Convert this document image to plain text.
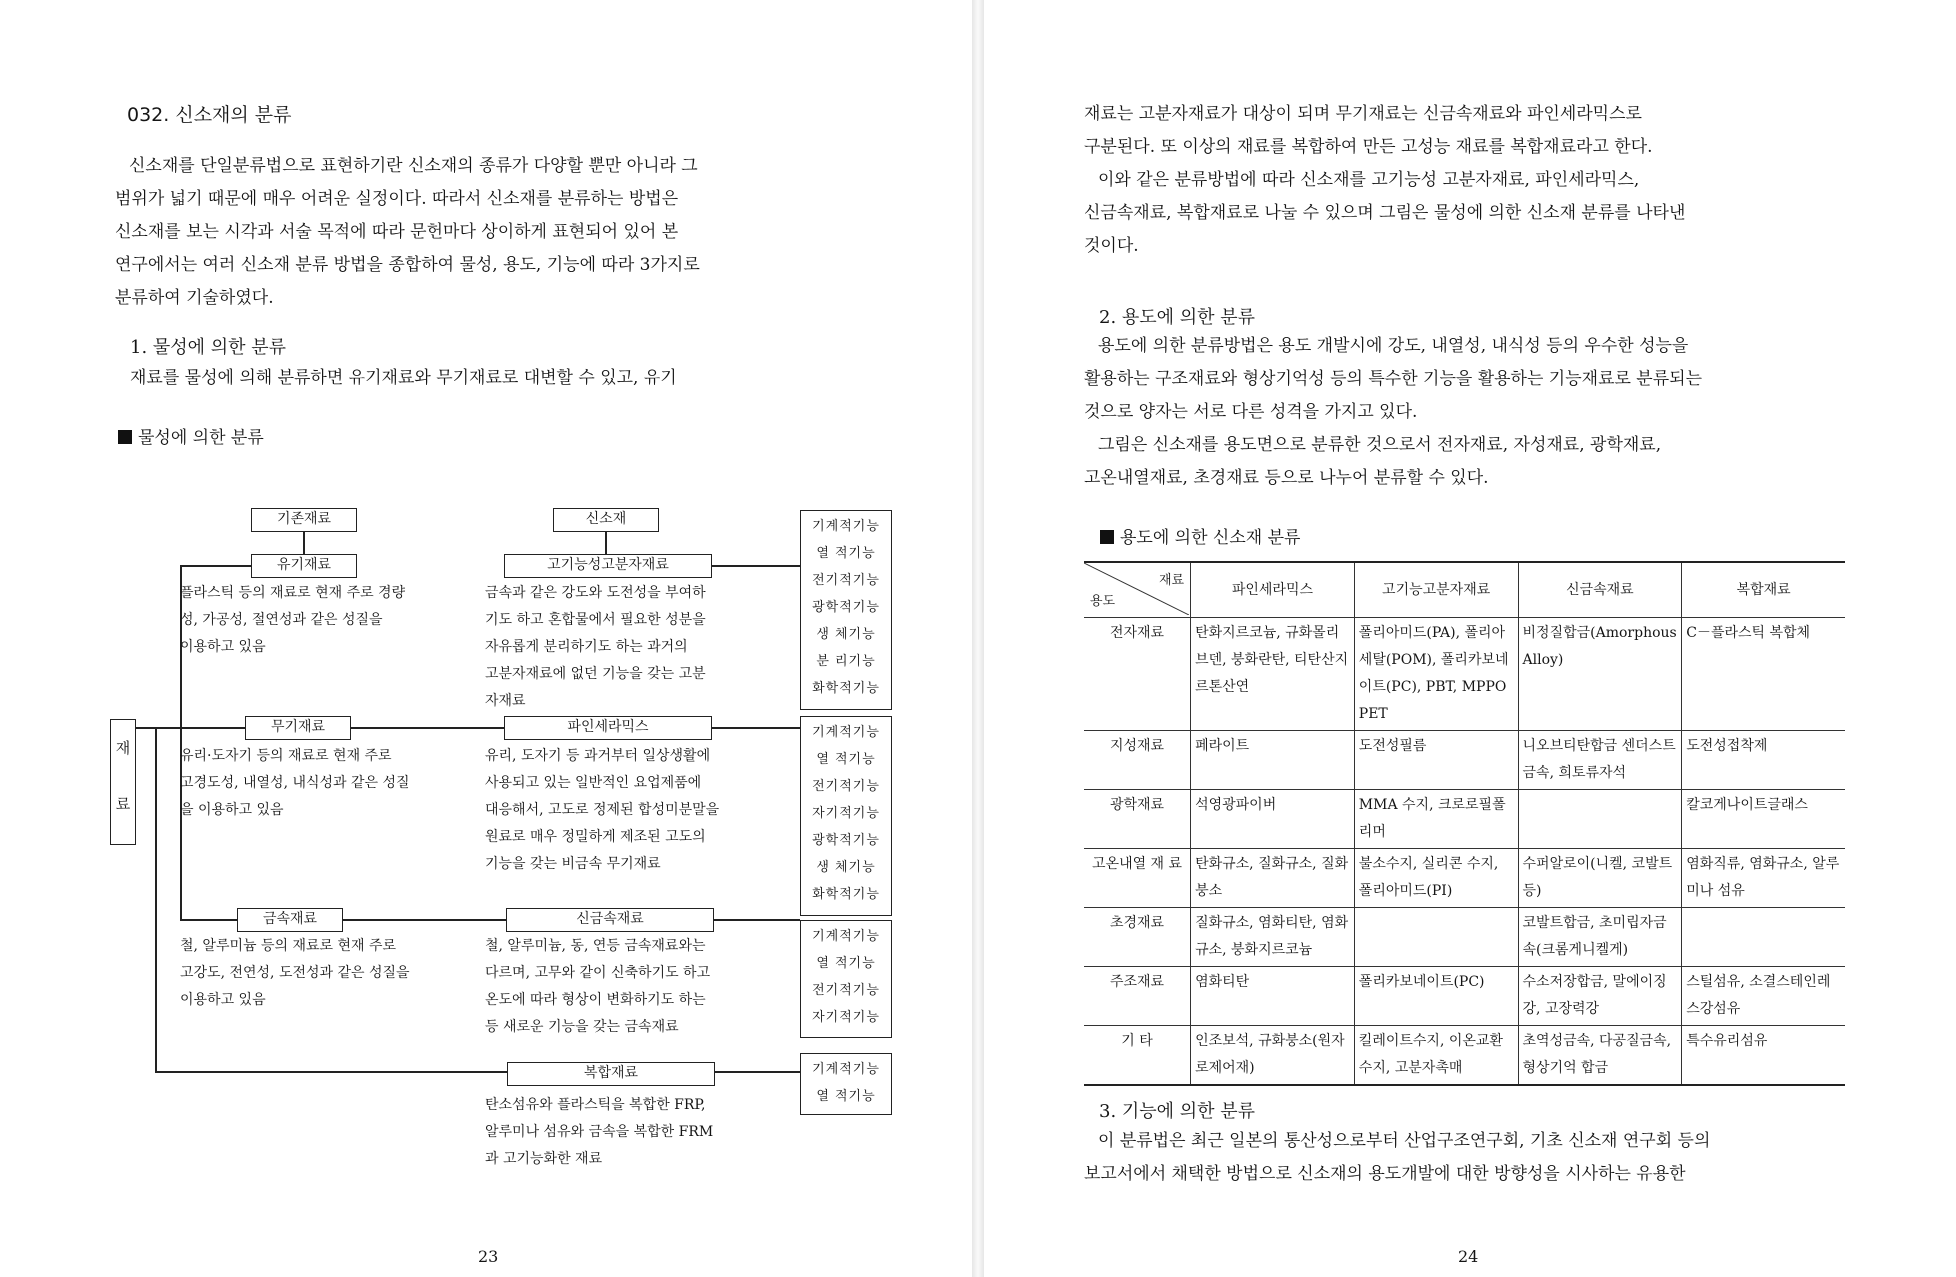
032. 신소재의 분류

신소재를 단일분류법으로 표현하기란 신소재의 종류가 다양할 뿐만 아니라 그

범위가 넓기 때문에 매우 어려운 실정이다. 따라서 신소재를 분류하는 방법은

신소재를 보는 시각과 서술 목적에 따라 문헌마다 상이하게 표현되어 있어 본

연구에서는 여러 신소재 분류 방법을 종합하여 물성, 용도, 기능에 따라 3가지로

분류하여 기술하였다.

1. 물성에 의한 분류

재료를 물성에 의해 분류하면 유기재료와 무기재료로 대변할 수 있고, 유기

물성에 의한 분류
기존재료	신소재
재
료
유기재료	고기능성고분자재료
플라스틱 등의 재료로 현재 주로 경량
성, 가공성, 절연성과 같은 성질을
이용하고 있음
금속과 같은 강도와 도전성을 부여하
기도 하고 혼합물에서 필요한 성분을
자유롭게 분리하기도 하는 과거의
고분자재료에 없던 기능을 갖는 고분
자재료
기계적기능
열 적기능
전기적기능
광학적기능
생 체기능
분 리기능
화학적기능
무기재료	파인세라믹스
유리·도자기 등의 재료로 현재 주로
고경도성, 내열성, 내식성과 같은 성질
을 이용하고 있음
유리, 도자기 등 과거부터 일상생활에
사용되고 있는 일반적인 요업제품에
대응해서, 고도로 정제된 합성미분말을
원료로 매우 정밀하게 제조된 고도의
기능을 갖는 비금속 무기재료
기계적기능
열 적기능
전기적기능
자기적기능
광학적기능
생 체기능
화학적기능
금속재료	신금속재료
철, 알루미늄 등의 재료로 현재 주로
고강도, 전연성, 도전성과 같은 성질을
이용하고 있음
철, 알루미늄, 동, 연등 금속재료와는
다르며, 고무와 같이 신축하기도 하고
온도에 따라 형상이 변화하기도 하는
등 새로운 기능을 갖는 금속재료
기계적기능
열 적기능
전기적기능
자기적기능
복합재료
탄소섬유와 플라스틱을 복합한 FRP,
알루미나 섬유와 금속을 복합한 FRM
과 고기능화한 재료
기계적기능
열 적기능
23

재료는 고분자재료가 대상이 되며 무기재료는 신금속재료와 파인세라믹스로

구분된다. 또 이상의 재료를 복합하여 만든 고성능 재료를 복합재료라고 한다.

이와 같은 분류방법에 따라 신소재를 고기능성 고분자재료, 파인세라믹스,

신금속재료, 복합재료로 나눌 수 있으며 그림은 물성에 의한 신소재 분류를 나타낸

것이다.

2. 용도에 의한 분류

용도에 의한 분류방법은 용도 개발시에 강도, 내열성, 내식성 등의 우수한 성능을

활용하는 구조재료와 형상기억성 등의 특수한 기능을 활용하는 기능재료로 분류되는

것으로 양자는 서로 다른 성격을 가지고 있다.

그림은 신소재를 용도면으로 분류한 것으로서 전자재료, 자성재료, 광학재료,

고온내열재료, 초경재료 등으로 나누어 분류할 수 있다.

용도에 의한 신소재 분류
3. 기능에 의한 분류

이 분류법은 최근 일본의 통산성으로부터 산업구조연구회, 기초 신소재 연구회 등의

보고서에서 채택한 방법으로 신소재의 용도개발에 대한 방향성을 시사하는 유용한

24
재료
용도	파인세라믹스	고기능고분자재료	신금속재료	복합재료
전자재료	탄화지르코늄, 규화몰리브덴, 붕화란탄, 티탄산지르톤산연	폴리아미드(PA), 폴리아세탈(POM), 폴리카보네이트(PC), PBT, MPPO PET	비정질합금(Amorphous Alloy)	C－플라스틱 복합체
지성재료	페라이트	도전성필름	니오브티탄합금 센더스트금속, 희토류자석	도전성접착제
광학재료	석영광파이버	MMA 수지, 크로로필폴리머		칼코게나이트글래스
고온내열 재 료	탄화규소, 질화규소, 질화붕소	불소수지, 실리콘 수지, 폴리아미드(PI)	수퍼알로이(니켈, 코발트 등)	염화직류, 염화규소, 알루미나 섬유
초경재료	질화규소, 염화티탄, 염화규소, 붕화지르코늄		코발트합금, 초미립자금속(크롬게니켈게)	
주조재료	염화티탄	폴리카보네이트(PC)	수소저장합금, 말에이징강, 고장력강	스틸섬유, 소결스테인레스강섬유
기 타	인조보석, 규화붕소(원자로제어재)	킬레이트수지, 이온교환수지, 고분자촉매	초역성금속, 다공질금속, 형상기억 합금	특수유리섬유
